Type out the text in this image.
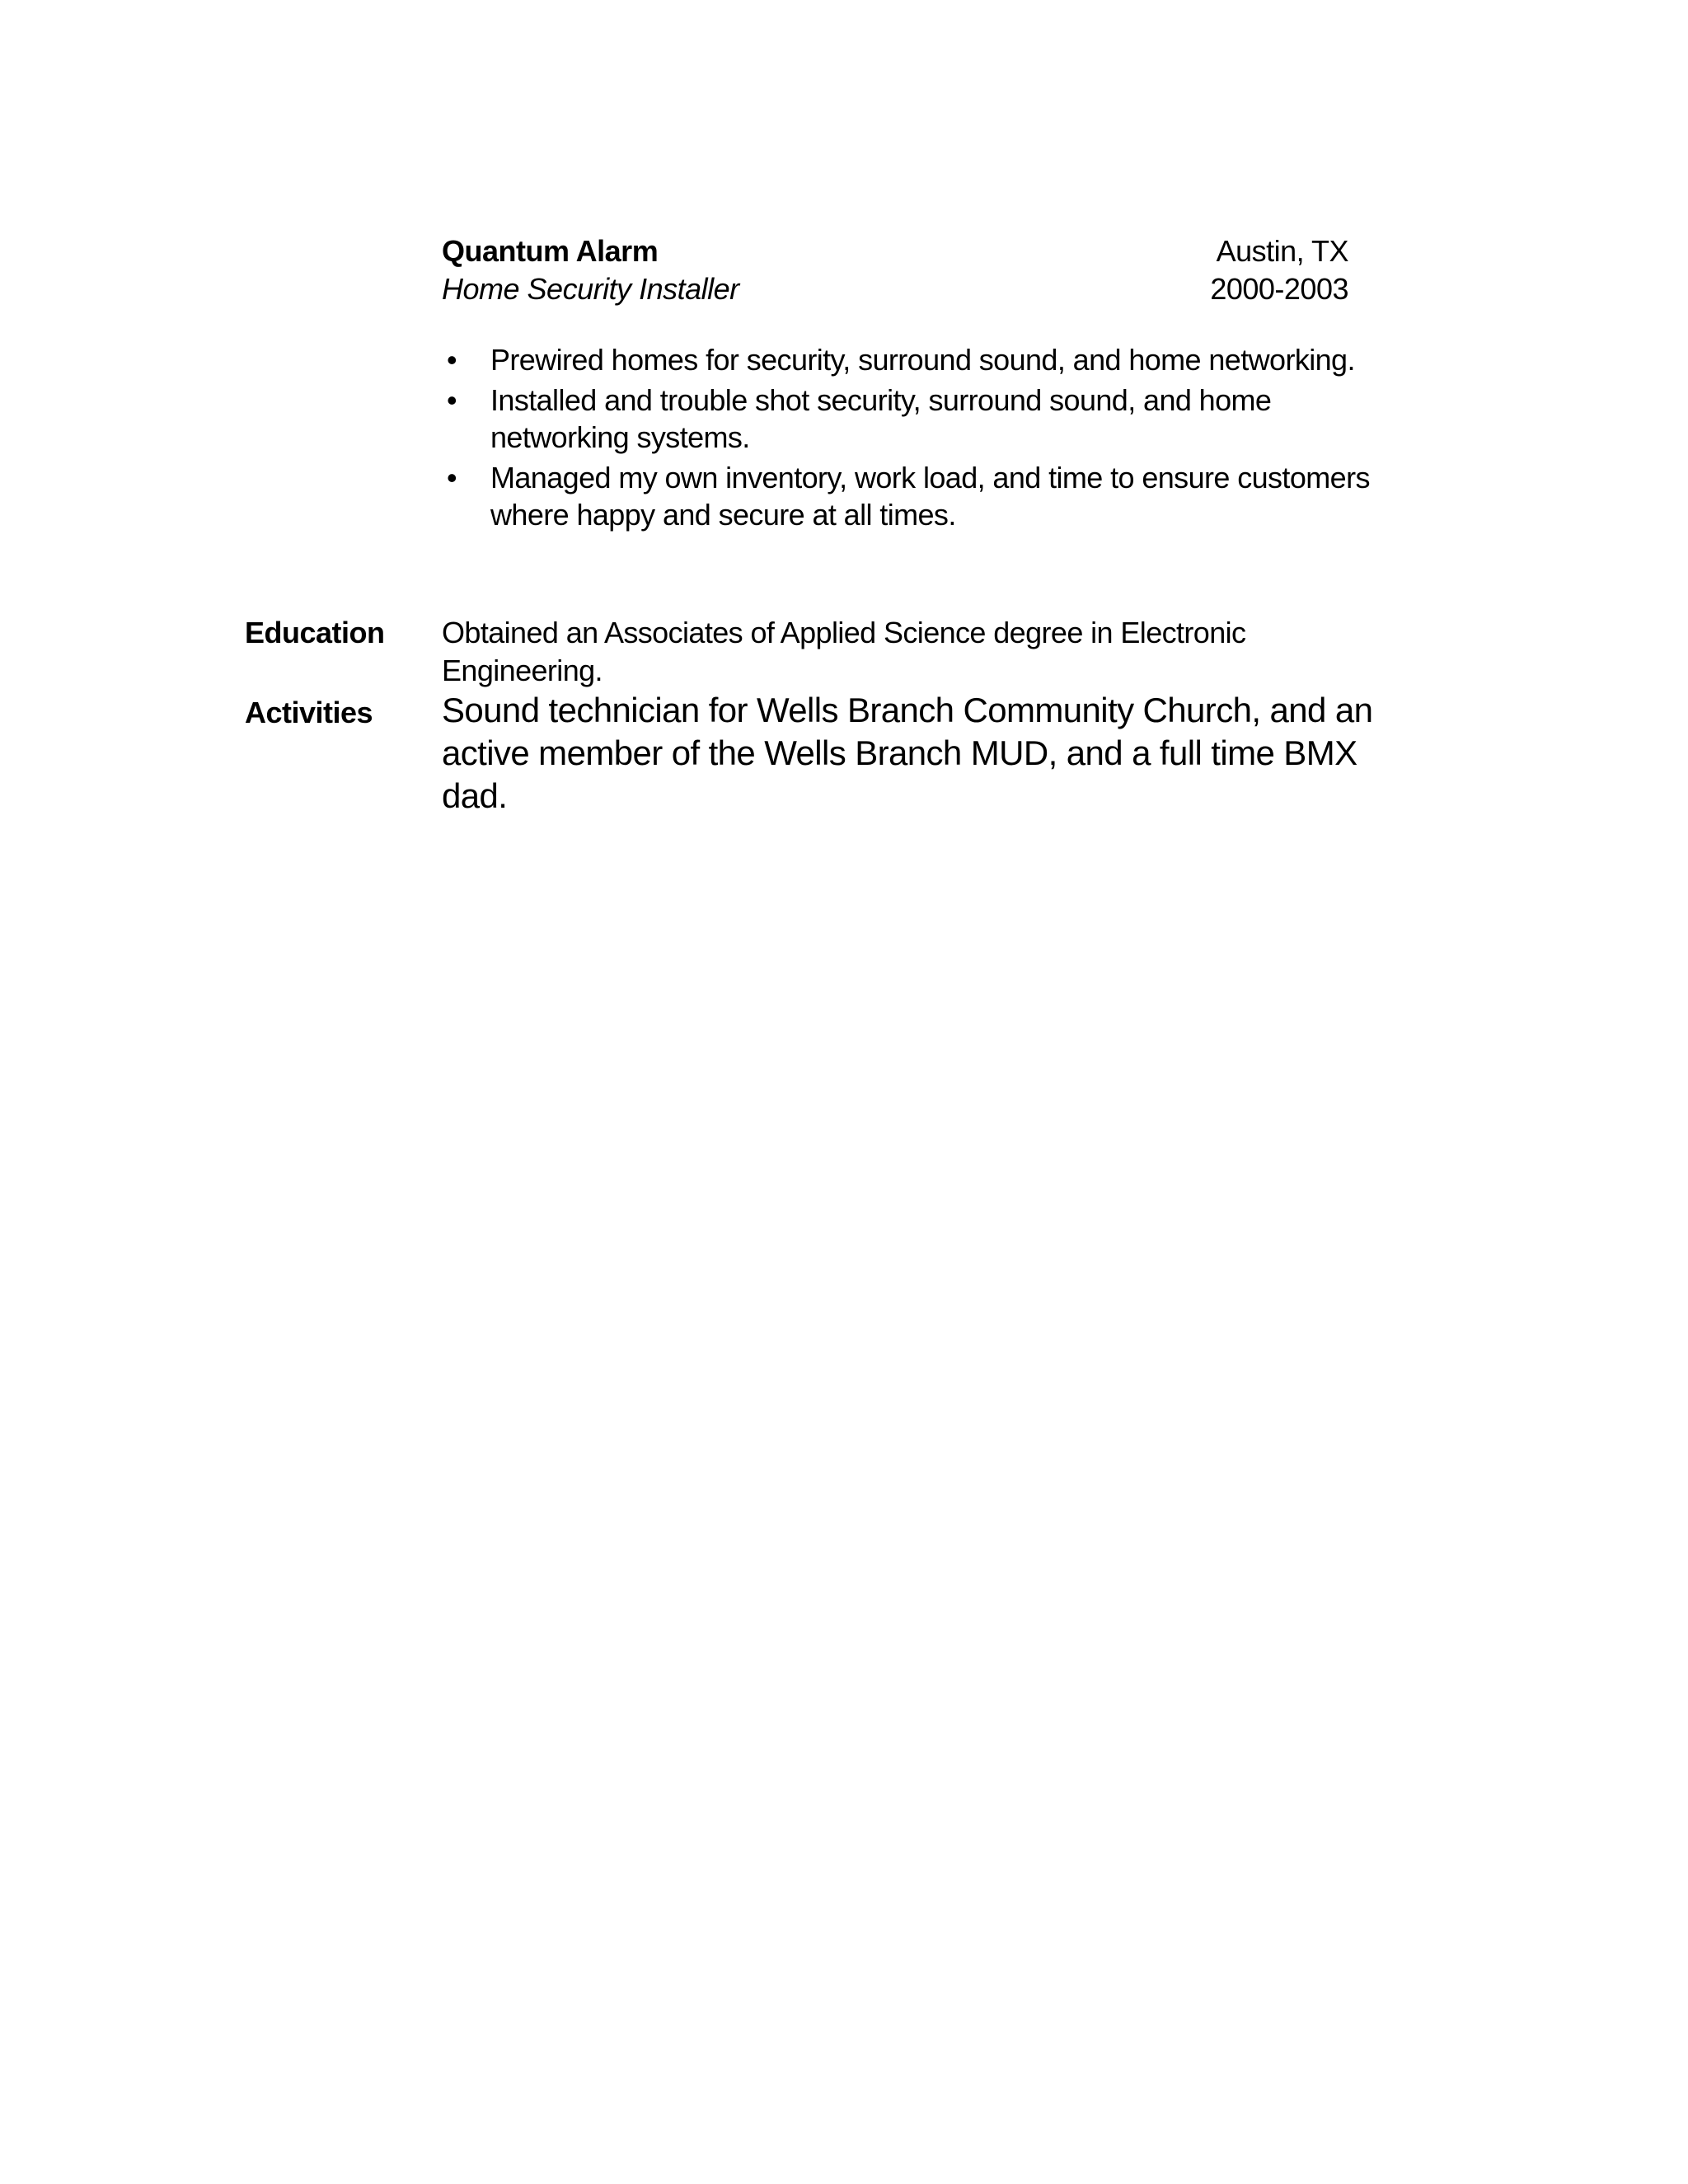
Quantum Alarm	Austin, TX
Home Security Installer	2000-2003
• Prewired homes for security, surround sound, and home networking.
• Installed and trouble shot security, surround sound, and home networking systems.
• Managed my own inventory, work load, and time to ensure customers where happy and secure at all times.
Education	Obtained an Associates of Applied Science degree in Electronic Engineering.
Activities	Sound technician for Wells Branch Community Church, and an active member of the Wells Branch MUD, and a full time BMX dad.
